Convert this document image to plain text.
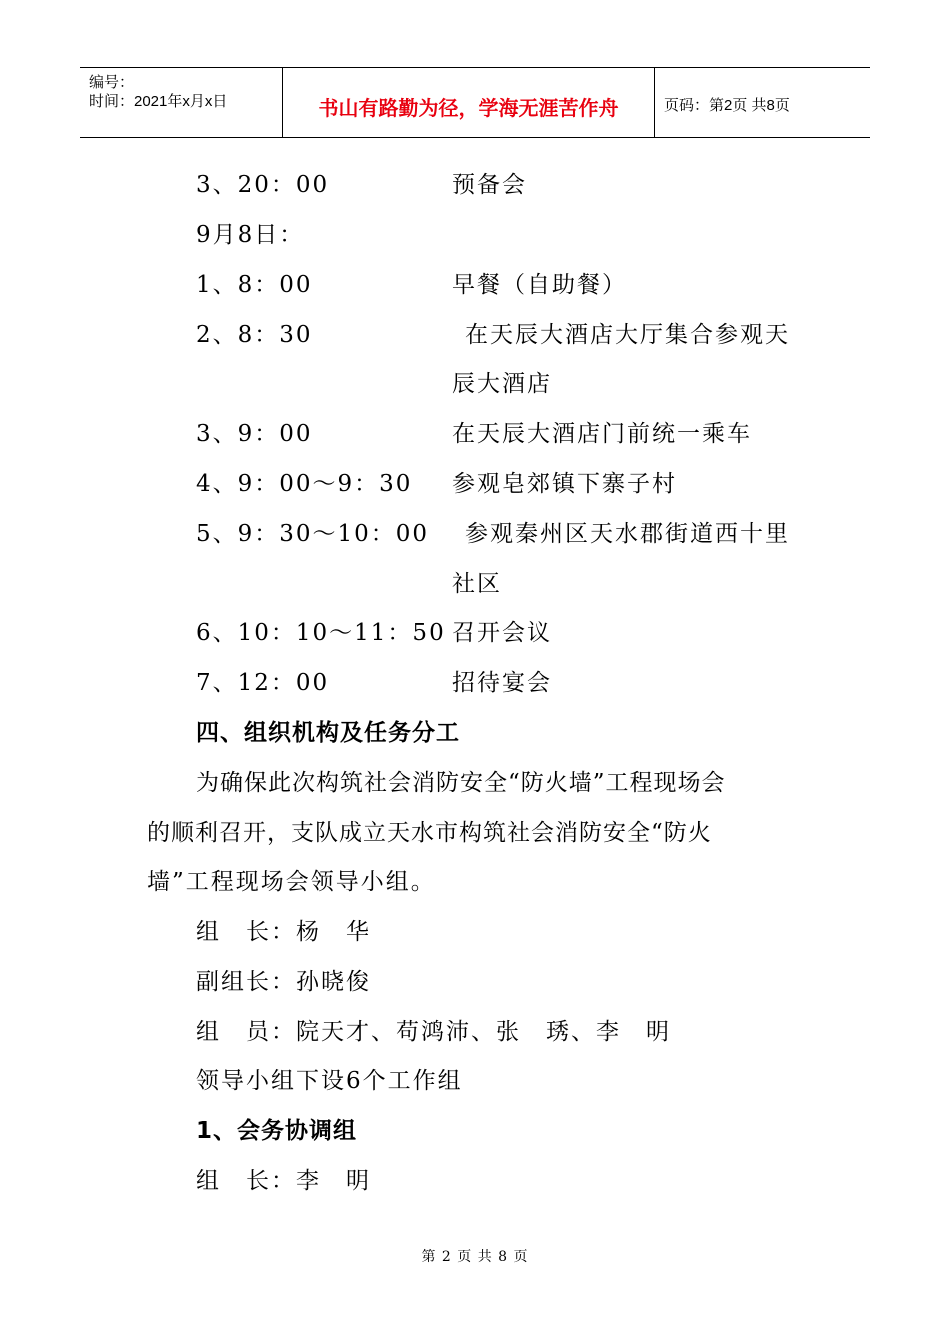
编号：
时间：2021年x月x日	书山有路勤为径，学海无涯苦作舟	页码：第2页 共8页
3、20：00	预备会
9月8日：
1、8：00	早餐（自助餐）
2、8：30	在天辰大酒店大厅集合参观天
辰大酒店
3、9：00	在天辰大酒店门前统一乘车
4、9：00～9：30 参观皂郊镇下寨子村
5、9：30～10：00 参观秦州区天水郡街道西十里
社区
6、10：10～11：50 召开会议
7、12：00	招待宴会
四、组织机构及任务分工
为确保此次构筑社会消防安全“防火墙”工程现场会
的顺利召开，支队成立天水市构筑社会消防安全“防火
墙”工程现场会领导小组。
组　长：杨　华
副组长：孙晓俊
组　员：院天才、苟鸿沛、张　琇、李　明
领导小组下设6个工作组
1、会务协调组
组　长：李　明
第 2 页 共 8 页
